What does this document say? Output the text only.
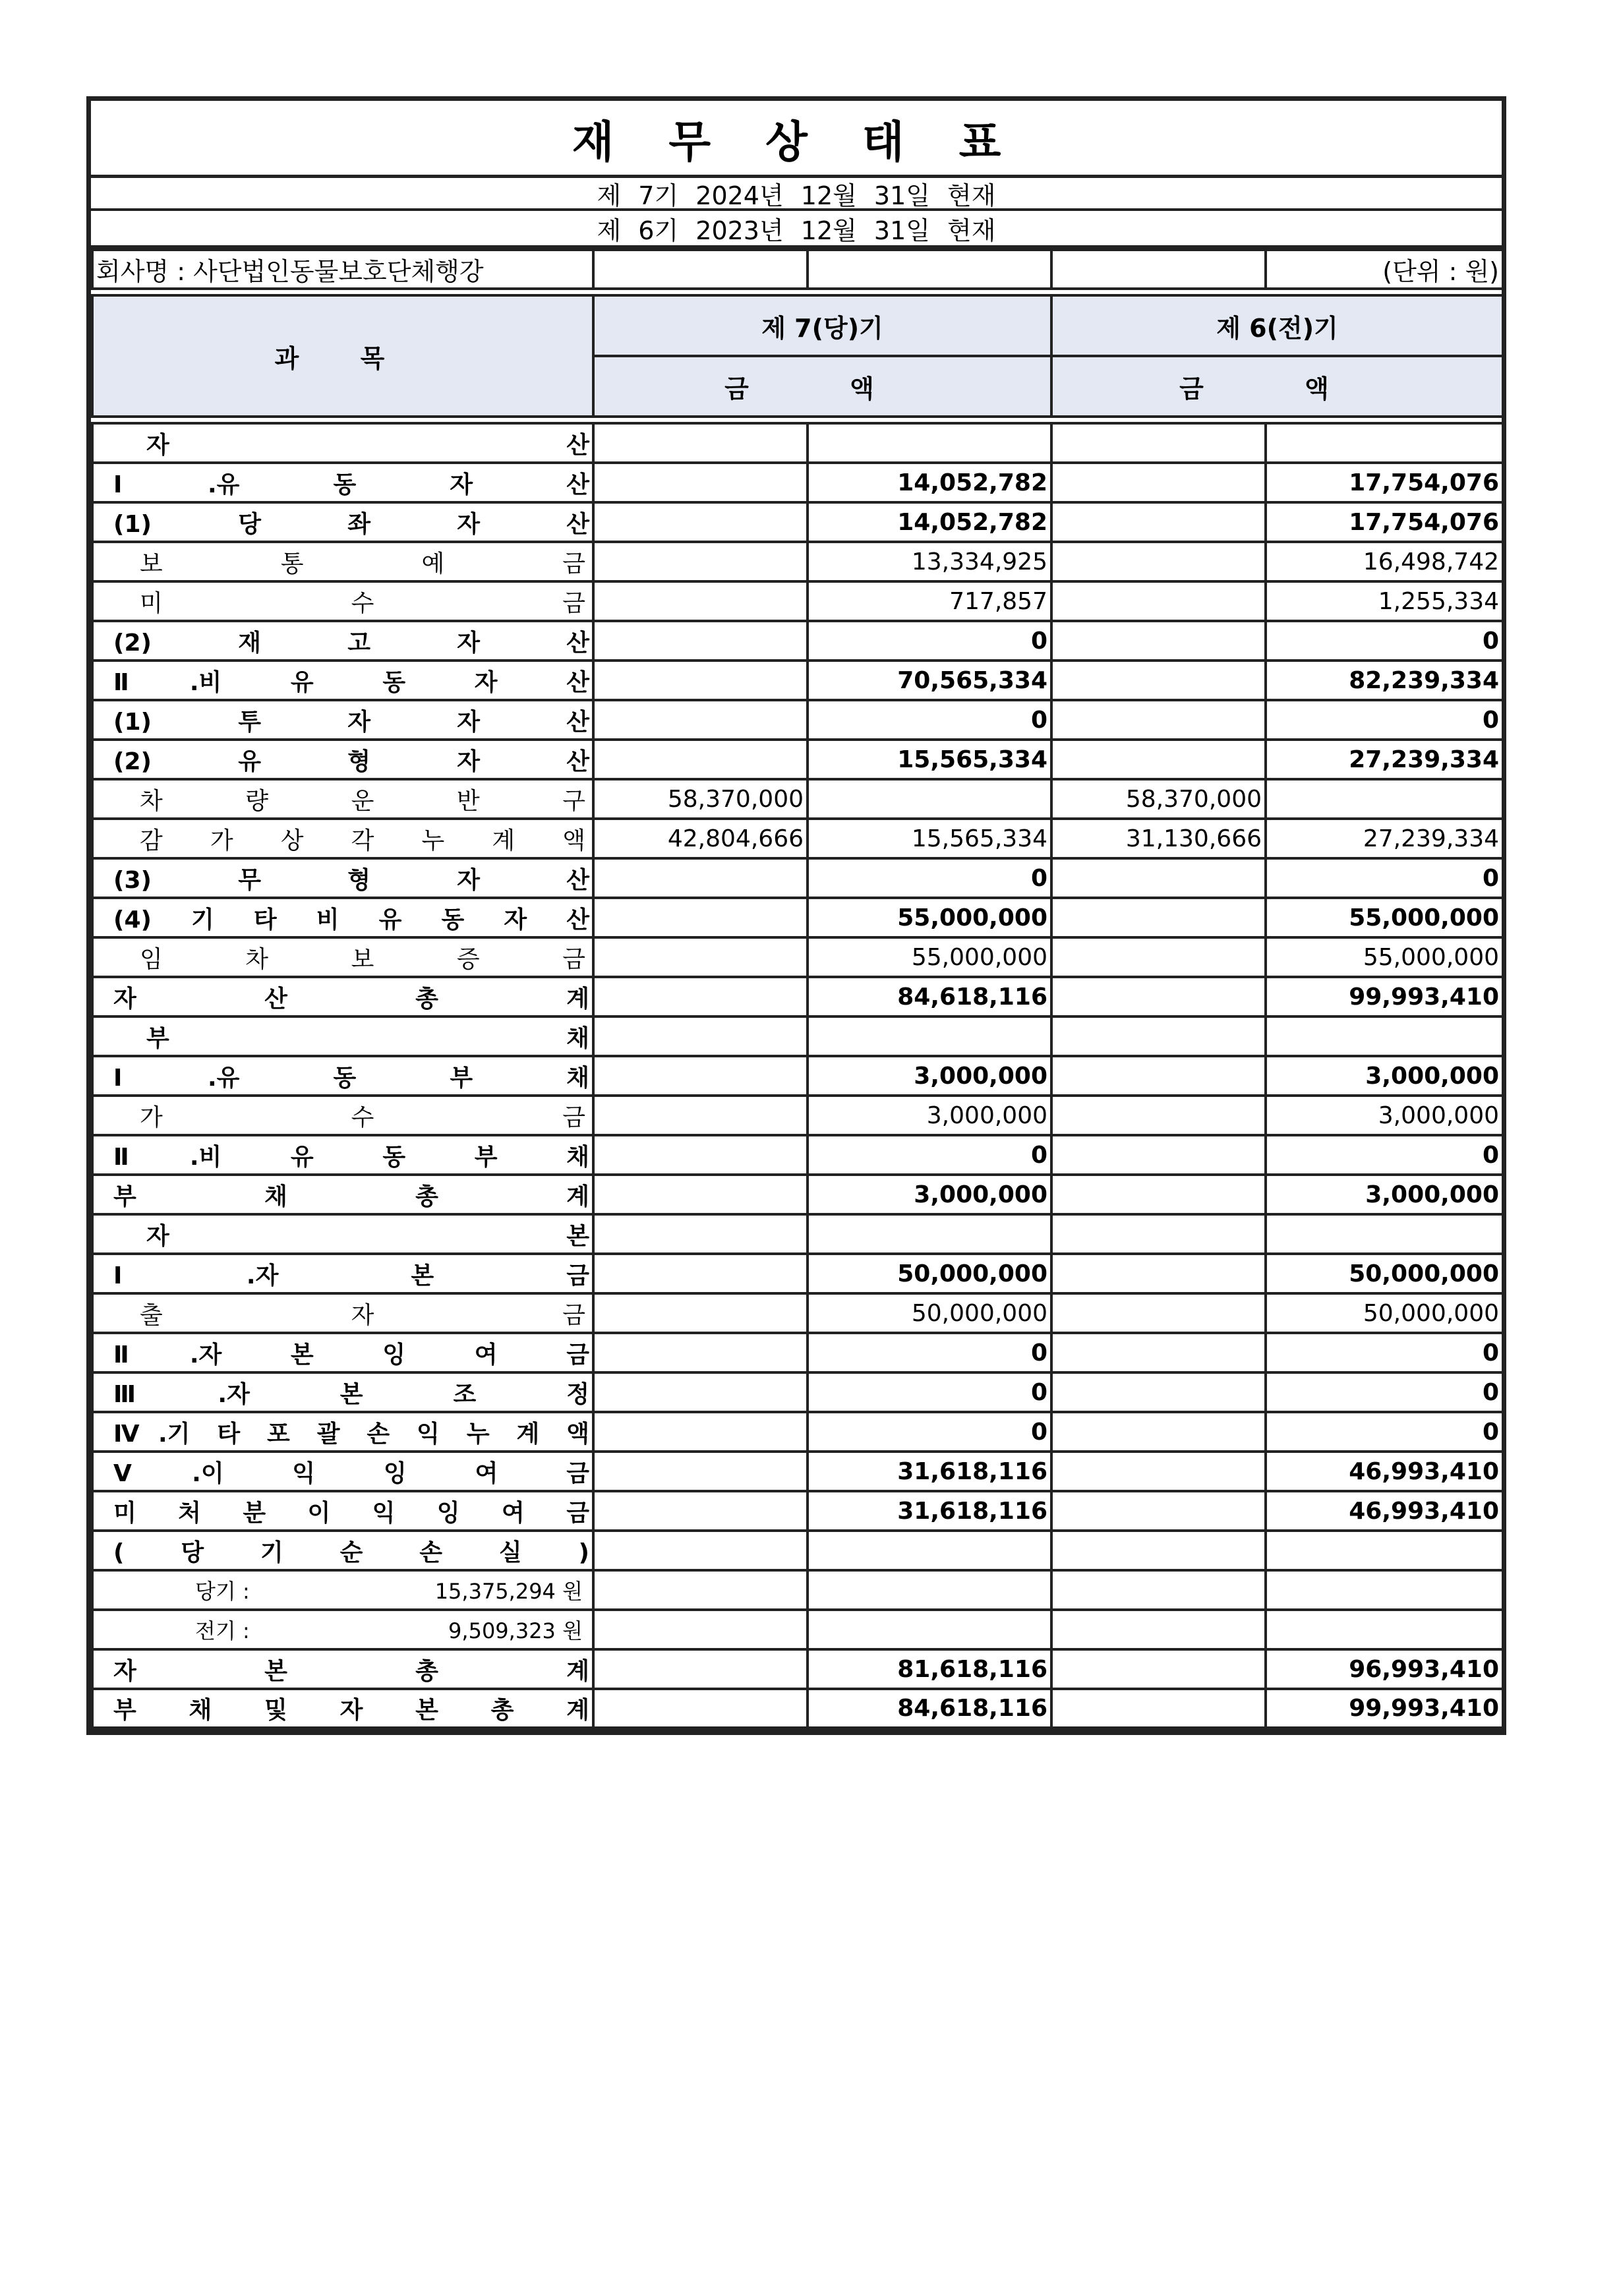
재 무 상 태 표
제 7기 2024년 12월 31일 현재
제 6기 2023년 12월 31일 현재
회사명 : 사단법인동물보호단체행강				(단위 : 원)

과 목	제 7(당)기		제 6(전)기	
	금 액		금 액	

자 산				
Ⅰ.유 동 자 산		14,052,782		17,754,076
(1) 당 좌 자 산		14,052,782		17,754,076
보 통 예 금		13,334,925		16,498,742
미 수 금		717,857		1,255,334
(2) 재 고 자 산		0		0
Ⅱ.비 유 동 자 산		70,565,334		82,239,334
(1) 투 자 자 산		0		0
(2) 유 형 자 산		15,565,334		27,239,334
차 량 운 반 구	58,370,000		58,370,000	
감 가 상 각 누 계 액	42,804,666	15,565,334	31,130,666	27,239,334
(3) 무 형 자 산		0		0
(4) 기 타 비 유 동 자 산		55,000,000		55,000,000
임 차 보 증 금		55,000,000		55,000,000
자 산 총 계		84,618,116		99,993,410
부 채				
Ⅰ.유 동 부 채		3,000,000		3,000,000
가 수 금		3,000,000		3,000,000
Ⅱ.비 유 동 부 채		0		0
부 채 총 계		3,000,000		3,000,000
자 본				
Ⅰ.자 본 금		50,000,000		50,000,000
출 자 금		50,000,000		50,000,000
Ⅱ.자 본 잉 여 금		0		0
Ⅲ.자 본 조 정		0		0
Ⅳ.기 타 포 괄 손 익 누 계 액		0		0
Ⅴ.이 익 잉 여 금		31,618,116		46,993,410
미 처 분 이 익 잉 여 금		31,618,116		46,993,410
( 당 기 순 손 실 )				

당기 : 15,375,294 원				

전기 : 9,509,323 원				

자 본 총 계		81,618,116		96,993,410
부 채 및 자 본 총 계		84,618,116		99,993,410
